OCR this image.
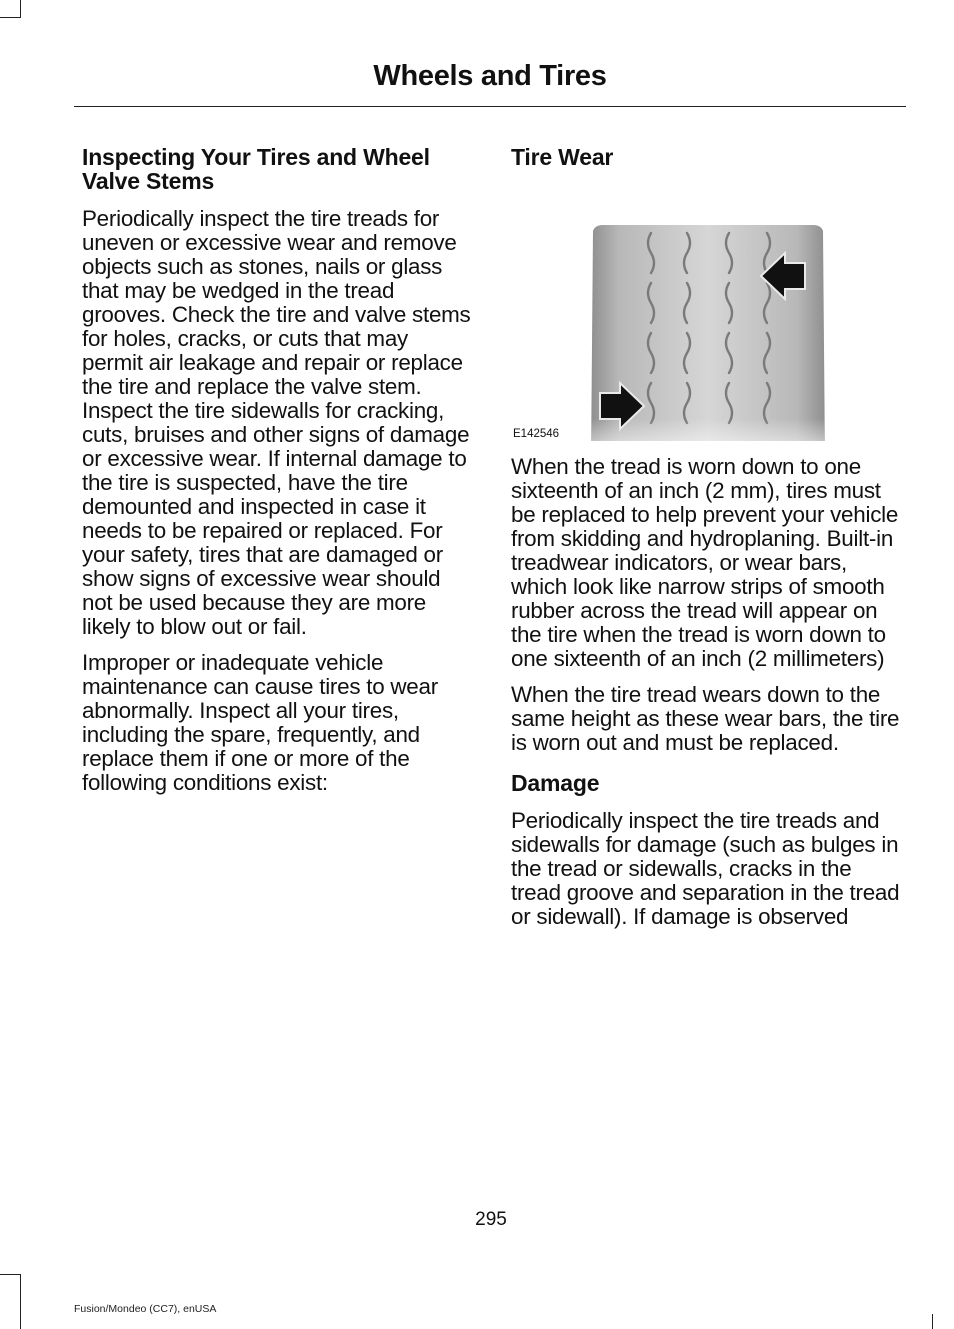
Wheels and Tires
Inspecting Your Tires and Wheel Valve Stems

Periodically inspect the tire treads for uneven or excessive wear and remove objects such as stones, nails or glass that may be wedged in the tread grooves. Check the tire and valve stems for holes, cracks, or cuts that may permit air leakage and repair or replace the tire and replace the valve stem. Inspect the tire sidewalls for cracking, cuts, bruises and other signs of damage or excessive wear. If internal damage to the tire is suspected, have the tire demounted and inspected in case it needs to be repaired or replaced. For your safety, tires that are damaged or show signs of excessive wear should not be used because they are more likely to blow out or fail.

Improper or inadequate vehicle maintenance can cause tires to wear abnormally. Inspect all your tires, including the spare, frequently, and replace them if one or more of the following conditions exist:

Tire Wear

When the tread is worn down to one sixteenth of an inch (2 mm), tires must be replaced to help prevent your vehicle from skidding and hydroplaning. Built-in treadwear indicators, or wear bars, which look like narrow strips of smooth rubber across the tread will appear on the tire when the tread is worn down to one sixteenth of an inch (2 millimeters)

When the tire tread wears down to the same height as these wear bars, the tire is worn out and must be replaced.

Damage

Periodically inspect the tire treads and sidewalls for damage (such as bulges in the tread or sidewalls, cracks in the tread groove and separation in the tread or sidewall). If damage is observed

E142546
295
Fusion/Mondeo (CC7), enUSA
